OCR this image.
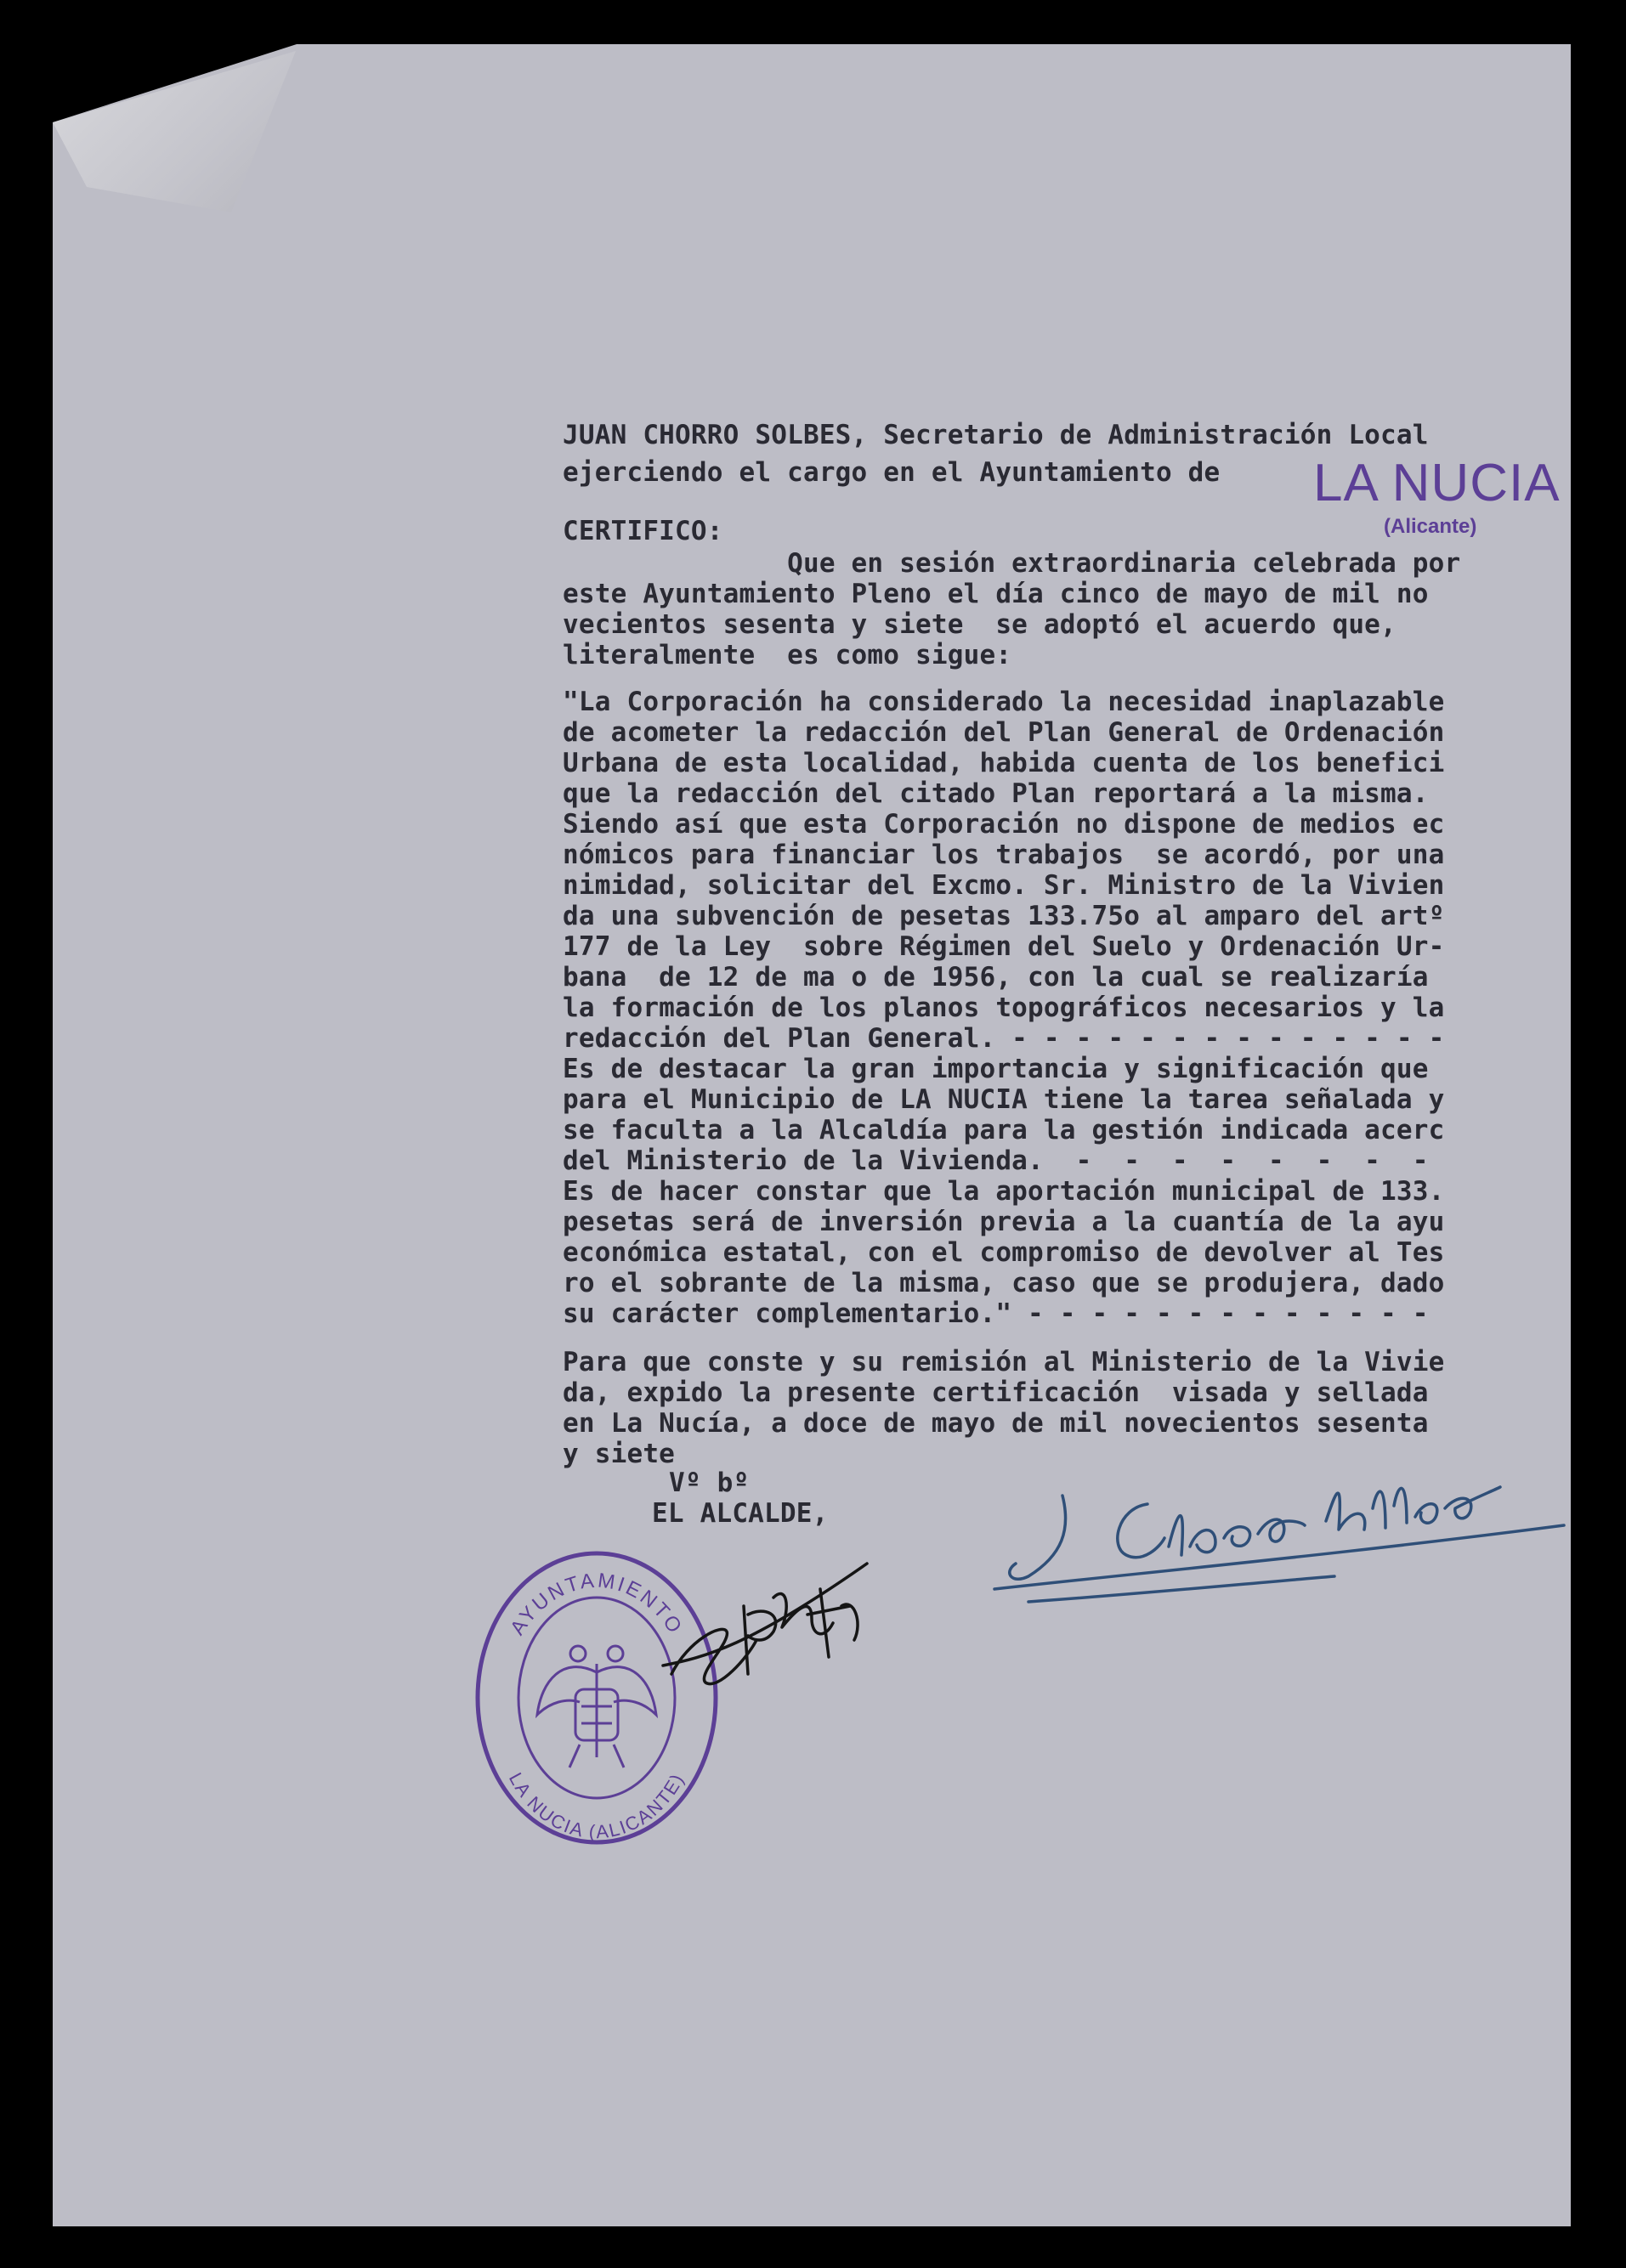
JUAN CHORRO SOLBES, Secretario de Administración Local
ejerciendo el cargo en el Ayuntamiento de	LA NUCIA
(Alicante)
CERTIFICO:
Que en sesión extraordinaria celebrada por
este Ayuntamiento Pleno el día cinco de mayo de mil no
vecientos sesenta y siete  se adoptó el acuerdo que,
literalmente  es como sigue:
"La Corporación ha considerado la necesidad inaplazable
de acometer la redacción del Plan General de Ordenación
Urbana de esta localidad, habida cuenta de los benefici
que la redacción del citado Plan reportará a la misma.
Siendo así que esta Corporación no dispone de medios ec
nómicos para financiar los trabajos  se acordó, por una
nimidad, solicitar del Excmo. Sr. Ministro de la Vivien
da una subvención de pesetas 133.75o al amparo del artº
177 de la Ley  sobre Régimen del Suelo y Ordenación Ur-
bana  de 12 de ma o de 1956, con la cual se realizaría
la formación de los planos topográficos necesarios y la
redacción del Plan General. - - - - - - - - - - - - - -
Es de destacar la gran importancia y significación que
para el Municipio de LA NUCIA tiene la tarea señalada y
se faculta a la Alcaldía para la gestión indicada acerc
del Ministerio de la Vivienda.  -  -  -  -  -  -  -  -
Es de hacer constar que la aportación municipal de 133.
pesetas será de inversión previa a la cuantía de la ayu
económica estatal, con el compromiso de devolver al Tes
ro el sobrante de la misma, caso que se produjera, dado
su carácter complementario." - - - - - - - - - - - - -
Para que conste y su remisión al Ministerio de la Vivie
da, expido la presente certificación  visada y sellada
en La Nucía, a doce de mayo de mil novecientos sesenta
y siete
Vº bº
EL ALCALDE,
AYUNTAMIENTO
LA NUCIA (ALICANTE)
